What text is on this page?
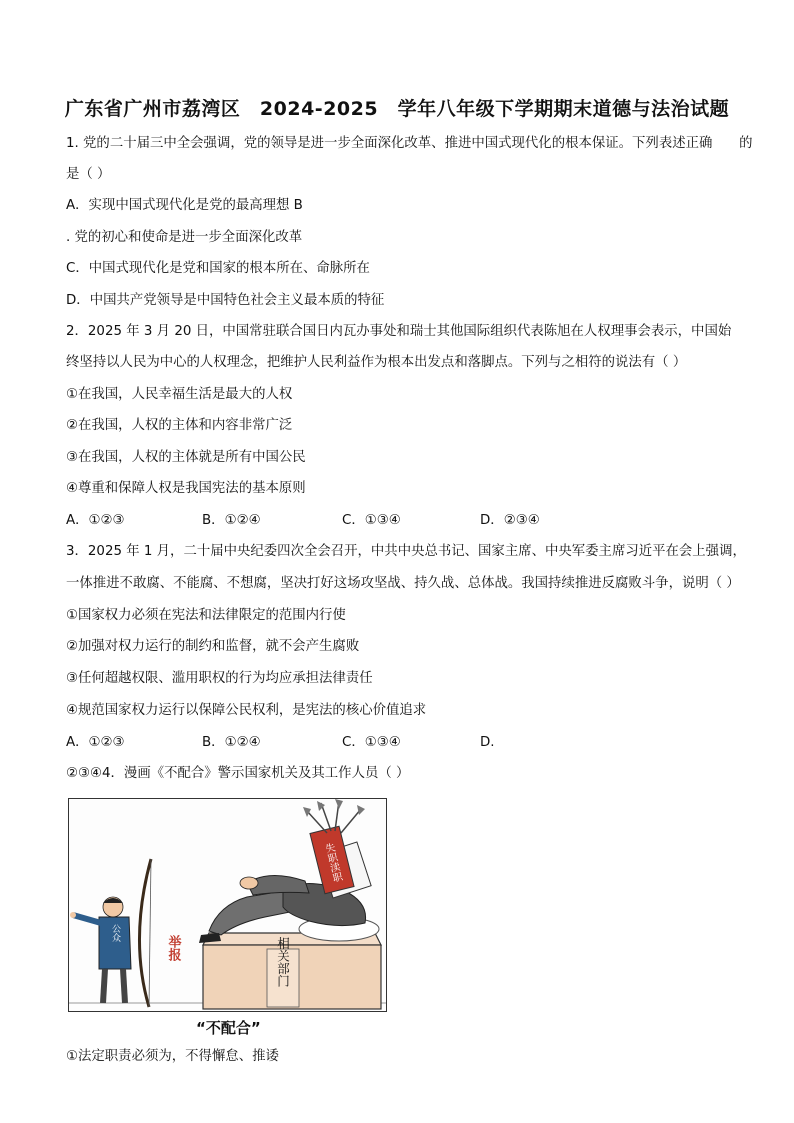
广东省广州市荔湾区　2024-2025　学年八年级下学期期末道德与法治试题
1. 党的二十届三中全会强调，党的领导是进一步全面深化改革、推进中国式现代化的根本保证。下列表述正确　　的
是（ ）
A．实现中国式现代化是党的最高理想 B
. 党的初心和使命是进一步全面深化改革
C．中国式现代化是党和国家的根本所在、命脉所在
D．中国共产党领导是中国特色社会主义最本质的特征
2．2025 年 3 月 20 日，中国常驻联合国日内瓦办事处和瑞士其他国际组织代表陈旭在人权理事会表示，中国始
终坚持以人民为中心的人权理念，把维护人民利益作为根本出发点和落脚点。下列与之相符的说法有（ ）
①在我国，人民幸福生活是最大的人权
②在我国，人权的主体和内容非常广泛
③在我国，人权的主体就是所有中国公民
④尊重和保障人权是我国宪法的基本原则
A．①②③	B．①②④	C．①③④	D．②③④
3．2025 年 1 月，二十届中央纪委四次全会召开，中共中央总书记、国家主席、中央军委主席习近平在会上强调，
一体推进不敢腐、不能腐、不想腐，坚决打好这场攻坚战、持久战、总体战。我国持续推进反腐败斗争，说明（ ）
①国家权力必须在宪法和法律限定的范围内行使
②加强对权力运行的制约和监督，就不会产生腐败
③任何超越权限、滥用职权的行为均应承担法律责任
④规范国家权力运行以保障公民权利，是宪法的核心价值追求
A．①②③	B．①②④	C．①③④	D.
②③④4．漫画《不配合》警示国家机关及其工作人员（ ）
相关部门
失职渎职
举报
公众
“不配合”
①法定职责必须为，不得懈怠、推诿
